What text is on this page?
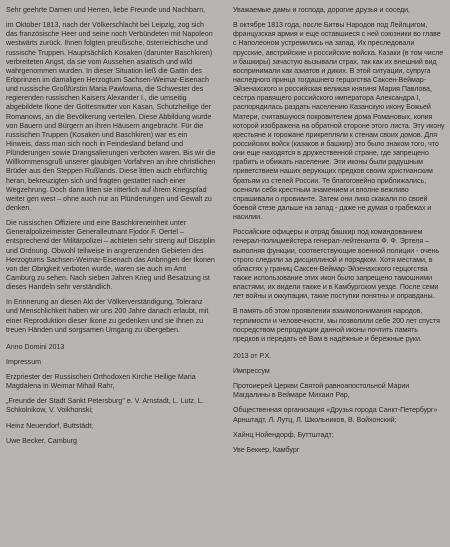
Sehr geehrte Damen und Herren, liebe Freunde und Nachbarn,

im Oktober 1813, nach der Völkerschlacht bei Leipzig, zog sich das französische Heer und seine noch Verbündeten mit Napoleon westwärts zurück. Ihnen folgten preußische, österreichische und russische Truppen. Hauptsächlich Kosaken (darunter Baschkiren) verbreiteten Angst, da sie vom Aussehen asiatisch und wild wahrgenommen wurden. In dieser Situation ließ die Gattin des Erbprinzen im damaligen Herzogtum Sachsen-Weimar-Eisenach und russische Großfürstin Maria Pawlowna, die Schwester des regierenden russischen Kaisers Alexander I., die umseitig abgebildete Ikone der Gottesmutter von Kasan, Schutzheilige der Romanows, an die Bevölkerung verteilen. Diese Abbildung wurde von Bauern und Bürgern an ihren Häusern angebracht. Für die russischen Truppen (Kosaken und Baschkiren) war es ein Hinweis, dass man sich noch in Feindesland befand und Plünderungen sowie Drangsalierungen verboten waren. Bis wir die Willkommensgruß unserer glaubigen Vorfahren an ihre christlichen Brüder aus den Steppen Rußlands. Diese litten auch ehrfürchtig heran, bekreuzigten sich und fragten gestattet nach einer Wegzehrung. Doch dann litten sie ritterlich auf ihrem Kriegspfad weiter gen west – ohne auch nur an Plünderungen und Gewalt zu denken.

Die russischen Offiziere und eine Baschkireneinheit unter Generalpolizeimeister Generalleutnant Fjodor F. Oertel – entsprechend der Militärpolizei – achteten sehr streng auf Disziplin und Ordnung. Obwohl teilweise in angrenzenden Gebieten des Herzogtums Sachsen-Weimar-Eisenach das Anbringen der Ikonen von der Obrigkeit verboten wurde, waren sie auch im Amt Camburg zu sehen. Nach sieben Jahren Krieg und Besatzung ist dieses Handeln sehr verständlich.

In Erinnerung an diesen Akt der Völkerverständigung, Toleranz und Menschlichkeit haben wir uns 200 Jahre danach erlaubt, mit einer Reproduktion dieser Ikone zu gedenken und sie Ihnen zu treuen Händen und sorgsamen Umgang zu übergeben.

Anno Domini 2013

Impressum

Erzpriester der Russischen Orthodoxen Kirche Heilige Maria Magdalena in Weimar Mihail Rahr,

„Freunde der Stadt Sankt Petersburg" e. V. Arnstadt, L. Lutz, L. Schkolnikow, V. Voikhonski;

Heinz Neuendorf, Buttstädt;

Uwe Becker, Camburg

Уважаемые дамы и господа, дорогие друзья и соседи,

В октябре 1813 года, после Битвы Народов под Лейпцигом, французская армия и еще оставшиеся с ней союзники во главе с Наполеоном устремились на запад. Их преследовали прусские, австрийские и российские войска. Казаки (в том числе и башкиры) зачастую вызывали страх, так как их внешний вид воспринимали как азиатов и диких. В этой ситуации, супруга наследного принца тогдашнего герцогства Саксен-Веймар-Эйзенахского и российская великая княгиня Мария Павлова, сестра правящего российского императора Александра I, распорядилась раздать населению Казанскую икону Божьей Матери, считавшуюся покровителем дома Романовых, копия которой изображена на обратной стороне этого листа. Эту икону крестьяне и горожане прикрепляли к стенам своих домов. Для российских войск (казаков и башкир) это было знаком того, что они еще находятся в дружественной стране, где запрещено грабить и обижать население. Эти иконы были радушным приветствием наших верующих предков своим христианским братьям из степей России. Те благоговейно приближались, осеняли себя крестным знамением и вполне вежливо спрашивали о провианте. Затем они лихо скакали по своей боевой стезе дальше на запад - даже не думая о грабежах и насилии.

Российские офицеры и отряд башкир под командованием генерал-полицмейстера генерал-лейтенанта Ф. Ф. Эртеля – выполняя функции, соответствующие военной полиции - очень строго следили за дисциплиной и порядком. Хотя местами, в областях у границ Саксен-Веймар-Эйзенахского герцогства также использование этих икон было запрещено тамошними властями, их видели также и в Камбургском уезде. После семи лет войны и оккупации, такие поступки понятны и оправданы.

В память об этом проявлении взаимопонимания народов, терпимости и человечности, мы позволили себе 200 лет спустя посредством репродукции данной иконы почтить память предков и передать её Вам в надёжные и бережные руки.

2013 от Р.Х.

Импрессум

Протоиерей Церкви Святой равноапостольной Марии Магдалины в Веймаре Михаил Рар,

Общественная организация «Друзья города Санкт-Петербург» Арнштадт, Л. Лутц, Л. Школьников, В. Войхонский;

Хайнц Нойендорф, Буттштадт;

Уве Беккер, Камбург
